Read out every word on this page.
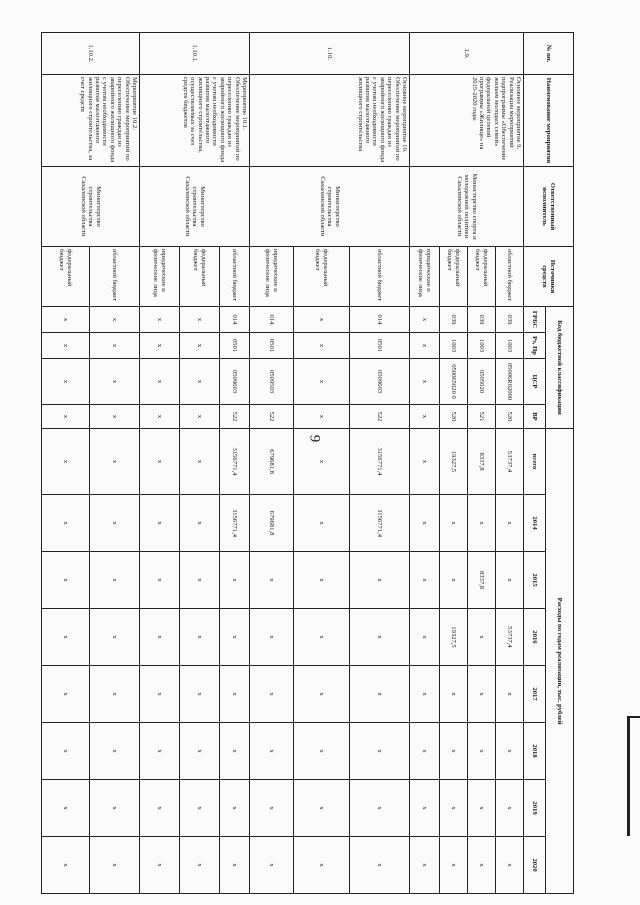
9
№ пп.	Наименование мероприятия	Ответственный исполнитель	Источники средств	Код бюджетной классификации				Расходы по годам реализации, тыс. рублей							
				ГРБС	Рз, Пр	ЦСР	ВР	всего	2014	2015	2016	2017	2018	2019	2020
1.9.	Основное мероприятие 9. Реализация мероприятий подпрограммы «Обеспечение жильем молодых семей» федеральной целевой программы «Жилище» на 2015-2020 годы	Министерство спорта и молодежной политики Сахалинской области	областной бюджет	039	1003	05006R02000	520	53737,4	х	х	53737,4	х	х	х	х
			федеральный бюджет	039	1003	0505020	521	8337,8	х	8337,8	х	х	х	х	х
			федеральный бюджет	039	1003	050065020 0	520	19327,5	х	х	19327,5	х	х	х	х
			юридические и физические лица	х	х	х	х	х	х	х	х	х	х	х	х
1.10.	Основное мероприятие 10. Обеспечение мероприятий по переселению граждан из аварийного жилищного фонда с учетом необходимости развития малоэтажного жилищного строительства	Министерство строительства Сахалинской области	областной бюджет	014	0501	0509603	522	3156771,4	3156771,4	х	х	х	х	х	х
			федеральный бюджет	х	х	х	х	х	х	х	х	х	х	х	х
			юридические и физические лица	014	0501	0509503	522	679681,8	679681,8	х	х	х	х	х	х
1.10.1.	Мероприятие 10.1. Обеспечение мероприятий по переселению граждан из аварийного жилищного фонда с учетом необходимости развития малоэтажного жилищного строительства, осуществляемых за счет средств бюджетов	Министерство строительства Сахалинской области	областной бюджет	014	0501	0509603	522	3156771,4	3156771,4	х	х	х	х	х	х
			федеральный бюджет	х	х	х	х	х	х	х	х	х	х	х	х
			юридические и физические лица	х	х	х	х	х	х	х	х	х	х	х	х
1.10.2.	Мероприятие 10.2. Обеспечение мероприятий по переселению граждан из аварийного жилищного фонда с учетом необходимости развития малоэтажного жилищного строительства, за счет средств	Министерство строительства Сахалинской области	областной бюджет	х	х	х	х	х	х	х	х	х	х	х	х
			федеральный бюджет	х	х	х	х	х	х	х	х	х	х	х	х
